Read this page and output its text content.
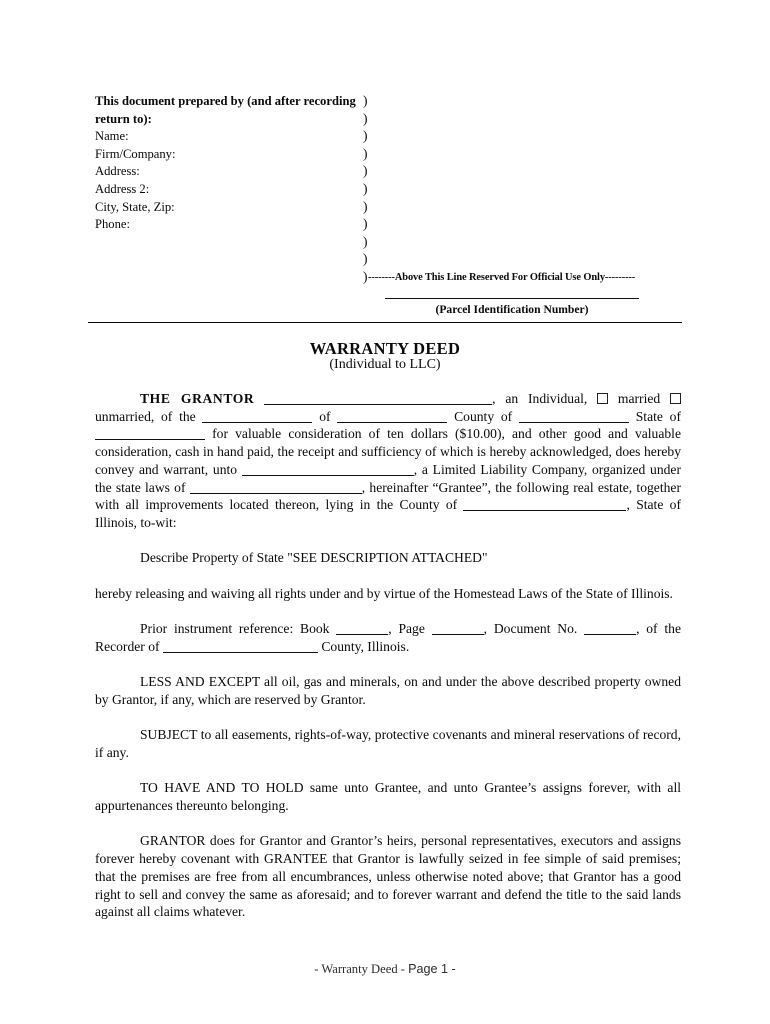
This document prepared by (and after recording )
return to):	)
Name:	)
Firm/Company:	)
Address:	)
Address 2:	)
City, State, Zip:	)
Phone:	)
)
)
) --------Above This Line Reserved For Official Use Only---------
(Parcel Identification Number)
WARRANTY DEED
(Individual to LLC)

THE GRANTOR	, an Individual, married  unmarried, of the	of	County of	State of  for valuable consideration of ten dollars ($10.00), and other good and valuable consideration, cash in hand paid, the receipt and sufficiency of which is hereby acknowledged, does hereby convey and warrant, unto	, a Limited Liability Company, organized under the state laws of	, hereinafter “Grantee”, the following real estate, together with all improvements located thereon, lying in the County of	, State of Illinois, to-wit:

Describe Property of State "SEE DESCRIPTION ATTACHED"

hereby releasing and waiving all rights under and by virtue of the Homestead Laws of the State of Illinois.

Prior instrument reference: Book	, Page	, Document No.	, of the Recorder of	County, Illinois.

LESS AND EXCEPT all oil, gas and minerals, on and under the above described property owned by Grantor, if any, which are reserved by Grantor.

SUBJECT to all easements, rights-of-way, protective covenants and mineral reservations of record, if any.

TO HAVE AND TO HOLD same unto Grantee, and unto Grantee’s assigns forever, with all appurtenances thereunto belonging.

GRANTOR does for Grantor and Grantor’s heirs, personal representatives, executors and assigns forever hereby covenant with GRANTEE that Grantor is lawfully seized in fee simple of said premises; that the premises are free from all encumbrances, unless otherwise noted above; that Grantor has a good right to sell and convey the same as aforesaid; and to forever warrant and defend the title to the said lands against all claims whatever.

- Warranty Deed - Page 1 -
